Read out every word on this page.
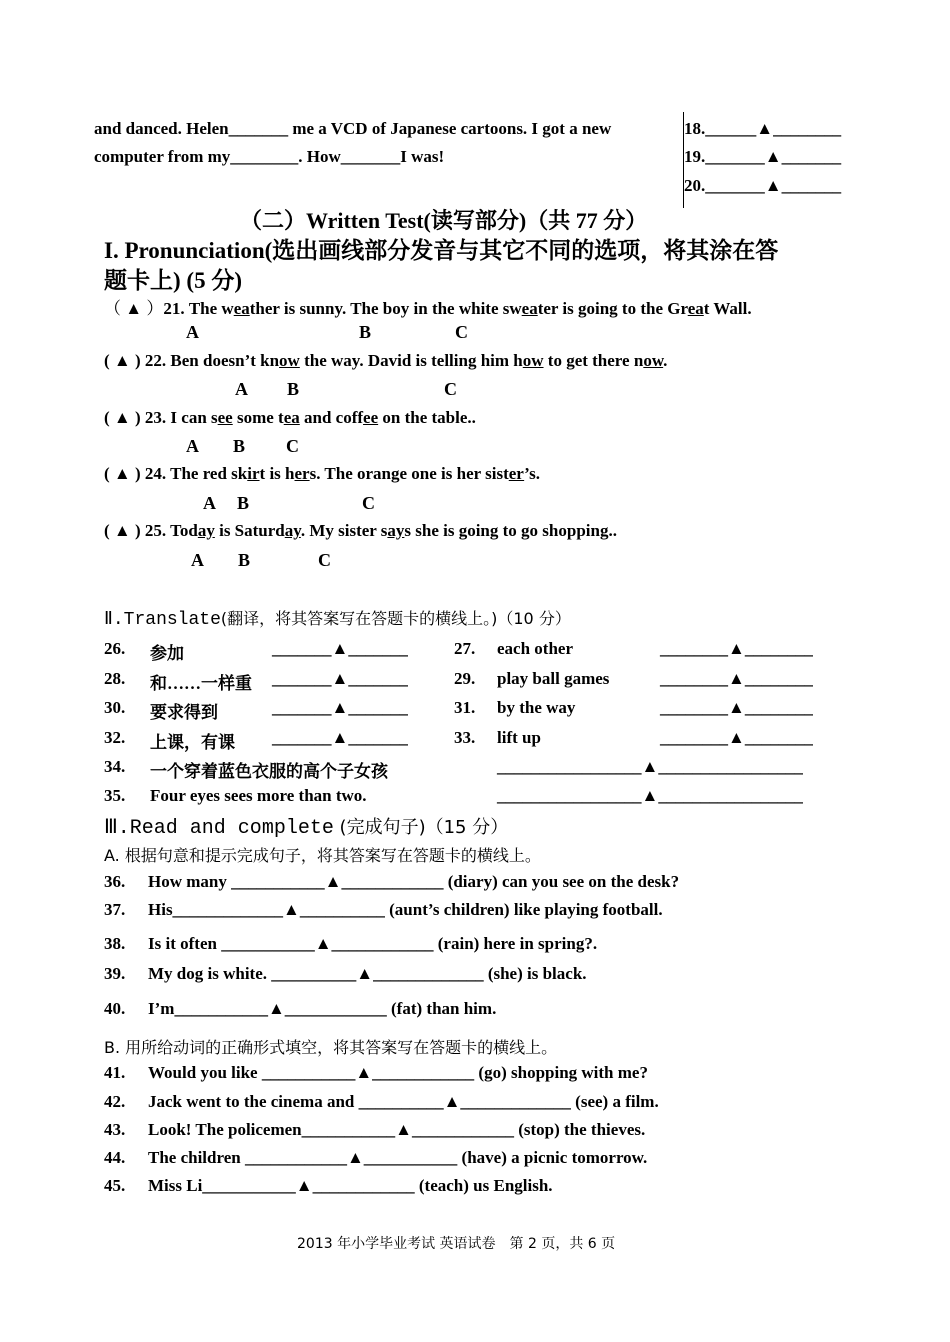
and danced. Helen_______ me a VCD of Japanese cartoons. I got a new
computer from my________. How_______I was!
18.______▲________
19._______▲_______
20._______▲_______
（二）Written Test(读写部分)（共 77 分）
I. Pronunciation(选出画线部分发音与其它不同的选项，将其涂在答
题卡上) (5 分)
（ ▲ ）21. The weather is sunny. The boy in the white sweater is going to the Great Wall.
A	B	C
( ▲ ) 22. Ben doesn’t know the way. David is telling him how to get there now.
A B	C
( ▲ ) 23. I can see some tea and coffee on the table..
A B C
( ▲ ) 24. The red skirt is hers. The orange one is her sister’s.
A B	C
( ▲ ) 25. Today is Saturday. My sister says she is going to go shopping..
A B	C
Ⅱ.Translate(翻译，将其答案写在答题卡的横线上。)（10 分）
26. 参加	_______▲_______	27. each other	________▲________
28. 和……一样重 _______▲_______	29. play ball games	________▲________
30. 要求得到	_______▲_______	31. by the way	________▲________
32. 上课，有课 _______▲_______	33. lift up	________▲________
34. 一个穿着蓝色衣服的高个子女孩	_________________▲_________________
35. Four eyes sees more than two.	_________________▲_________________
Ⅲ.Read and complete (完成句子)（15 分）
A. 根据句意和提示完成句子，将其答案写在答题卡的横线上。
36. How many ___________▲____________ (diary) can you see on the desk?
37. His_____________▲__________ (aunt’s children) like playing football.
38. Is it often ___________▲____________ (rain) here in spring?.
39. My dog is white. __________▲_____________ (she) is black.
40. I’m___________▲____________ (fat) than him.
B. 用所给动词的正确形式填空，将其答案写在答题卡的横线上。
41. Would you like ___________▲____________ (go) shopping with me?
42. Jack went to the cinema and __________▲_____________ (see) a film.
43. Look! The policemen___________▲____________ (stop) the thieves.
44. The children ____________▲___________ (have) a picnic tomorrow.
45. Miss Li___________▲____________ (teach) us English.
2013 年小学毕业考试 英语试卷　第 2 页，共 6 页
